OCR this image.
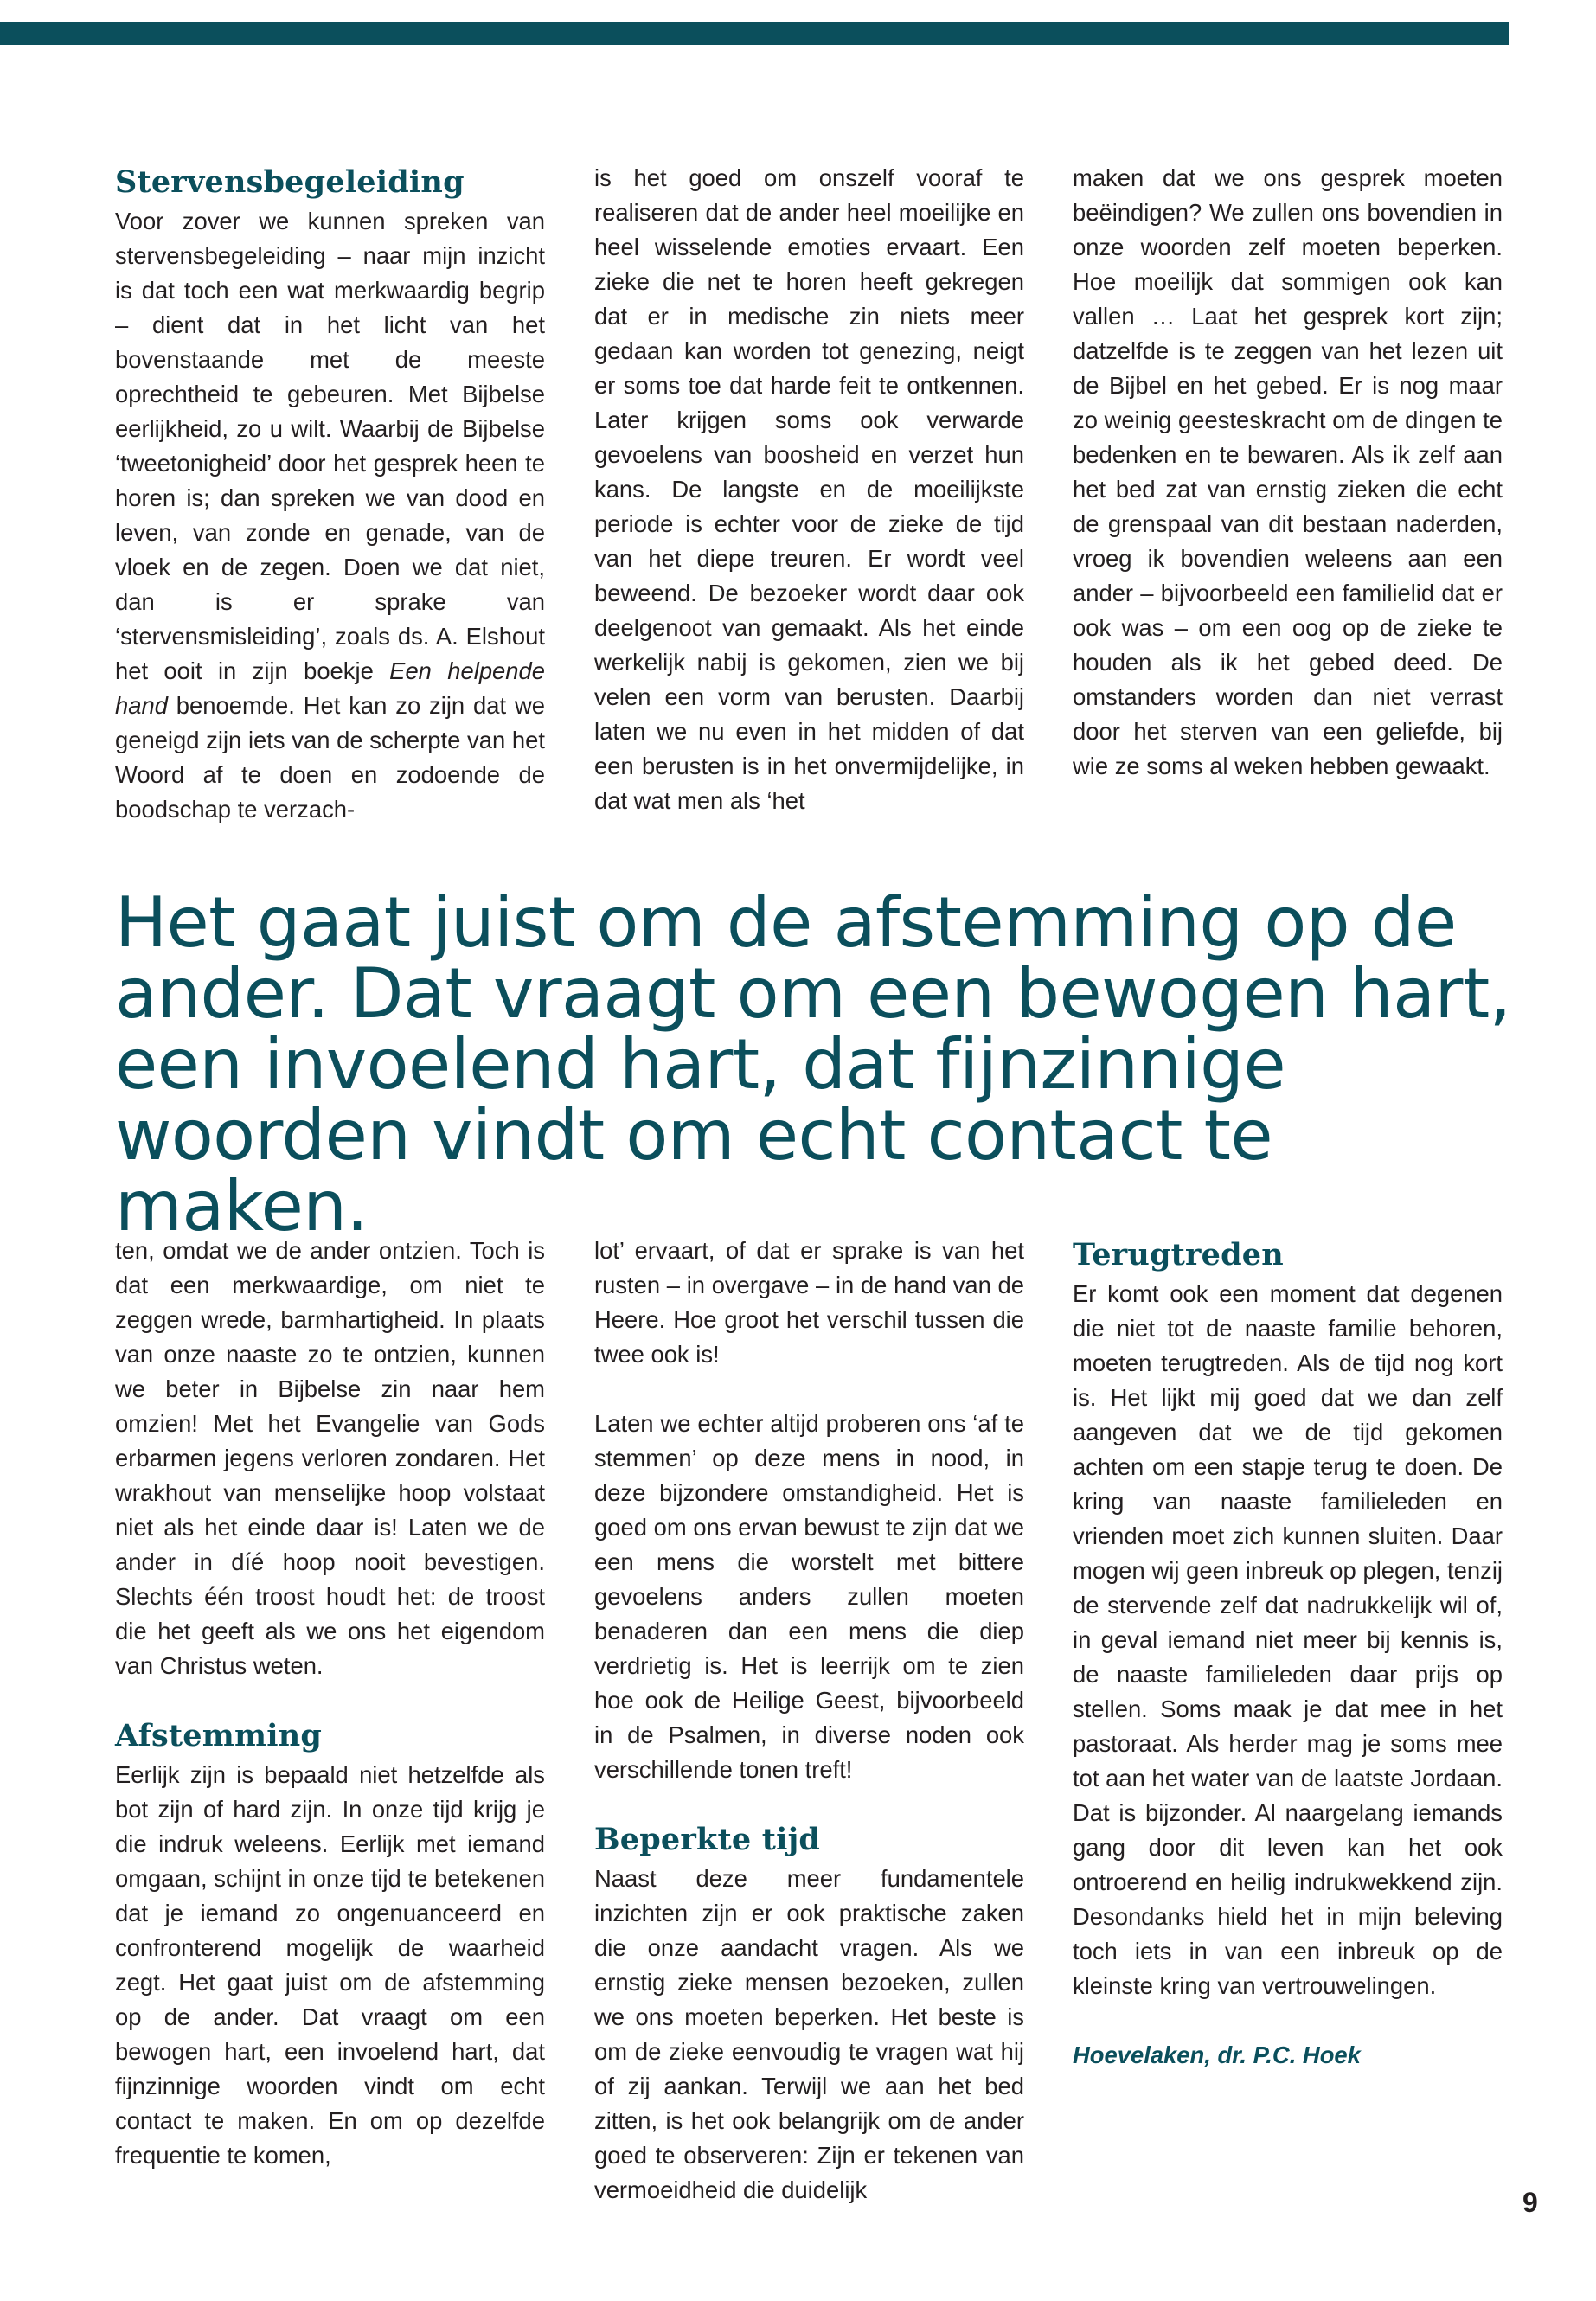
Stervensbegeleiding

Voor zover we kunnen spreken van stervensbegeleiding – naar mijn inzicht is dat toch een wat merkwaardig begrip – dient dat in het licht van het bovenstaande met de meeste oprechtheid te gebeuren. Met Bijbelse eerlijkheid, zo u wilt. Waarbij de Bijbelse ‘tweetonigheid’ door het gesprek heen te horen is; dan spreken we van dood en leven, van zonde en genade, van de vloek en de zegen. Doen we dat niet, dan is er sprake van ‘stervensmisleiding’, zoals ds. A. Elshout het ooit in zijn boekje Een helpende hand benoemde. Het kan zo zijn dat we geneigd zijn iets van de scherpte van het Woord af te doen en zodoende de boodschap te verzach-

is het goed om onszelf vooraf te realiseren dat de ander heel moeilijke en heel wisselende emoties ervaart. Een zieke die net te horen heeft gekregen dat er in medische zin niets meer gedaan kan worden tot genezing, neigt er soms toe dat harde feit te ontkennen. Later krijgen soms ook verwarde gevoelens van boosheid en verzet hun kans. De langste en de moeilijkste periode is echter voor de zieke de tijd van het diepe treuren. Er wordt veel beweend. De bezoeker wordt daar ook deelgenoot van gemaakt. Als het einde werkelijk nabij is gekomen, zien we bij velen een vorm van berusten. Daarbij laten we nu even in het midden of dat een berusten is in het onvermijdelijke, in dat wat men als ‘het

maken dat we ons gesprek moeten beëindigen? We zullen ons bovendien in onze woorden zelf moeten beperken. Hoe moeilijk dat sommigen ook kan vallen … Laat het gesprek kort zijn; datzelfde is te zeggen van het lezen uit de Bijbel en het gebed. Er is nog maar zo weinig geesteskracht om de dingen te bedenken en te bewaren. Als ik zelf aan het bed zat van ernstig zieken die echt de grenspaal van dit bestaan naderden, vroeg ik bovendien weleens aan een ander – bijvoorbeeld een familielid dat er ook was – om een oog op de zieke te houden als ik het gebed deed. De omstanders worden dan niet verrast door het sterven van een geliefde, bij wie ze soms al weken hebben gewaakt.

Het gaat juist om de afstemming op de ander. Dat vraagt om een bewogen hart, een invoelend hart, dat fijnzinnige woorden vindt om echt contact te maken.

ten, omdat we de ander ontzien. Toch is dat een merkwaardige, om niet te zeggen wrede, barmhartigheid. In plaats van onze naaste zo te ontzien, kunnen we beter in Bijbelse zin naar hem omzien! Met het Evangelie van Gods erbarmen jegens verloren zondaren. Het wrakhout van menselijke hoop volstaat niet als het einde daar is! Laten we de ander in díé hoop nooit bevestigen. Slechts één troost houdt het: de troost die het geeft als we ons het eigendom van Christus weten.

Afstemming

Eerlijk zijn is bepaald niet hetzelfde als bot zijn of hard zijn. In onze tijd krijg je die indruk weleens. Eerlijk met iemand omgaan, schijnt in onze tijd te betekenen dat je iemand zo ongenuanceerd en confronterend mogelijk de waarheid zegt. Het gaat juist om de afstemming op de ander. Dat vraagt om een bewogen hart, een invoelend hart, dat fijnzinnige woorden vindt om echt contact te maken. En om op dezelfde frequentie te komen,

lot’ ervaart, of dat er sprake is van het rusten – in overgave – in de hand van de Heere. Hoe groot het verschil tussen die twee ook is!

Laten we echter altijd proberen ons ‘af te stemmen’ op deze mens in nood, in deze bijzondere omstandigheid. Het is goed om ons ervan bewust te zijn dat we een mens die worstelt met bittere gevoelens anders zullen moeten benaderen dan een mens die diep verdrietig is. Het is leerrijk om te zien hoe ook de Heilige Geest, bijvoorbeeld in de Psalmen, in diverse noden ook verschillende tonen treft!

Beperkte tijd

Naast deze meer fundamentele inzichten zijn er ook praktische zaken die onze aandacht vragen. Als we ernstig zieke mensen bezoeken, zullen we ons moeten beperken. Het beste is om de zieke eenvoudig te vragen wat hij of zij aankan. Terwijl we aan het bed zitten, is het ook belangrijk om de ander goed te observeren: Zijn er tekenen van vermoeidheid die duidelijk

Terugtreden

Er komt ook een moment dat degenen die niet tot de naaste familie behoren, moeten terugtreden. Als de tijd nog kort is. Het lijkt mij goed dat we dan zelf aangeven dat we de tijd gekomen achten om een stapje terug te doen. De kring van naaste familieleden en vrienden moet zich kunnen sluiten. Daar mogen wij geen inbreuk op plegen, tenzij de stervende zelf dat nadrukkelijk wil of, in geval iemand niet meer bij kennis is, de naaste familieleden daar prijs op stellen. Soms maak je dat mee in het pastoraat. Als herder mag je soms mee tot aan het water van de laatste Jordaan. Dat is bijzonder. Al naargelang iemands gang door dit leven kan het ook ontroerend en heilig indrukwekkend zijn. Desondanks hield het in mijn beleving toch iets in van een inbreuk op de kleinste kring van vertrouwelingen.

Hoevelaken, dr. P.C. Hoek

9
